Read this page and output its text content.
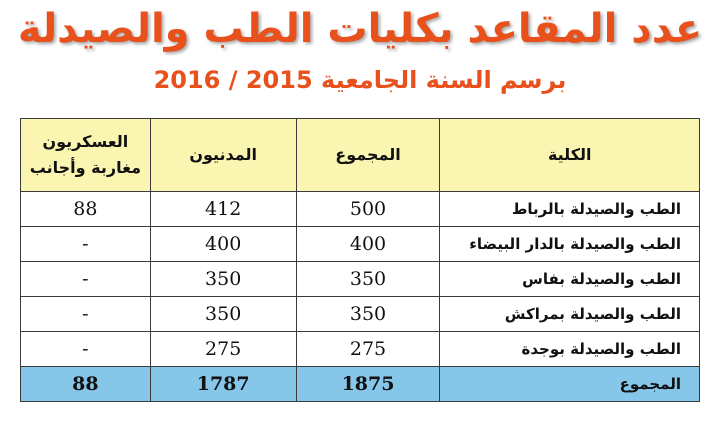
عدد المقاعد بكليات الطب والصيدلة
برسم السنة الجامعية 2015 / 2016
الكلية	المجموع	المدنيون	العسكريون
مغاربة وأجانب

الطب والصيدلة بالرباط	500	412	88
الطب والصيدلة بالدار البيضاء	400	400	-
الطب والصيدلة بفاس	350	350	-
الطب والصيدلة بمراكش	350	350	-
الطب والصيدلة بوجدة	275	275	-
المجموع	1875	1787	88
